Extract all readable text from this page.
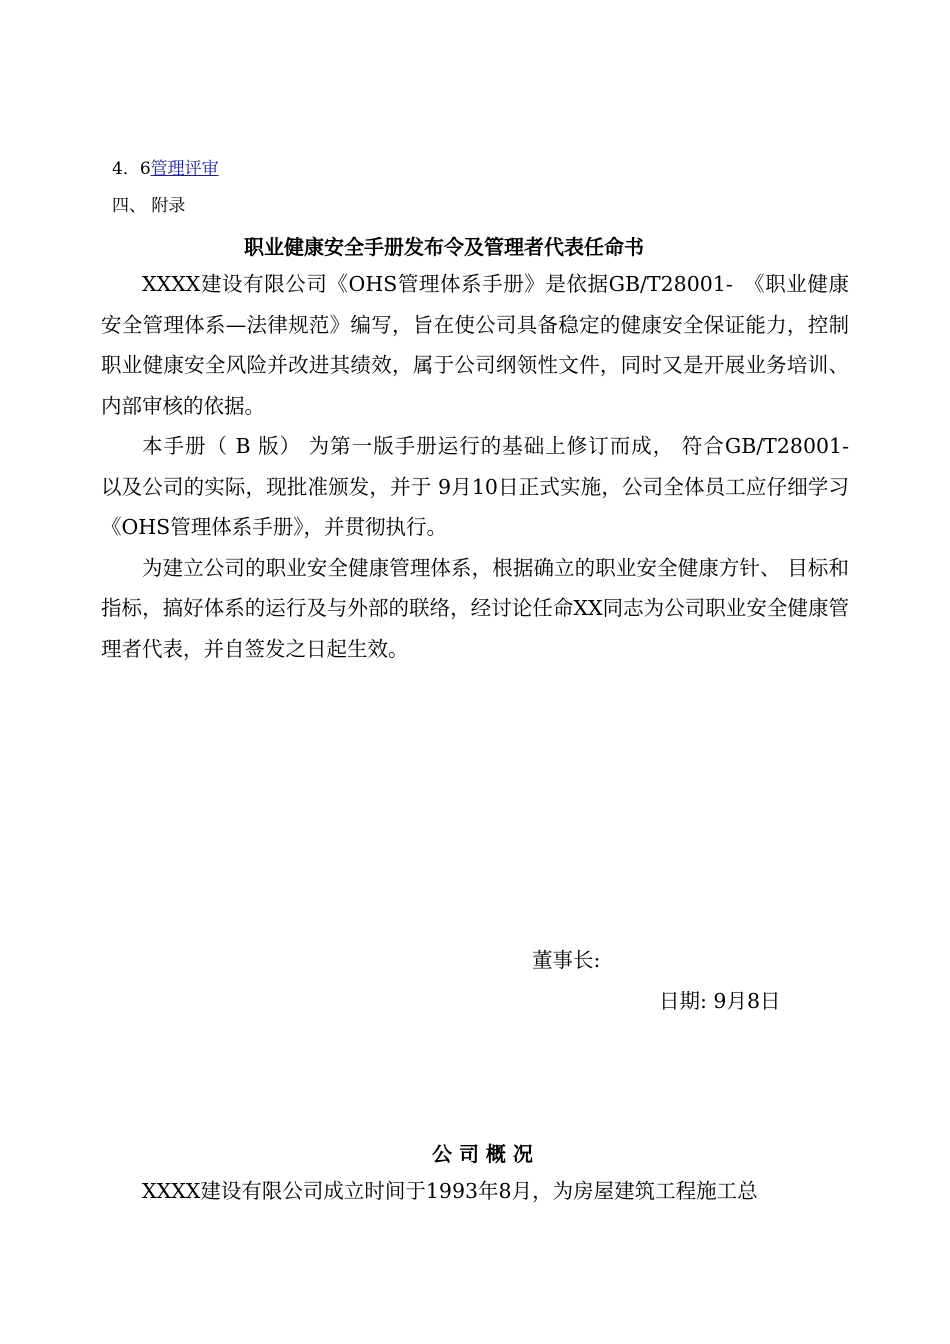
4．6管理评审
四、 附录
职业健康安全手册发布令及管理者代表任命书

XXXX建设有限公司《OHS管理体系手册》是依据GB/T28001-　《职业健康安全管理体系—法律规范》编写，旨在使公司具备稳定的健康安全保证能力，控制职业健康安全风险并改进其绩效，属于公司纲领性文件，同时又是开展业务培训、 内部审核的依据。

本手册（ B 版） 为第一版手册运行的基础上修订而成， 符合GB/T28001-　以及公司的实际，现批准颁发，并于 9月10日正式实施，公司全体员工应仔细学习《OHS管理体系手册》，并贯彻执行。

为建立公司的职业安全健康管理体系，根据确立的职业安全健康方针、 目标和指标，搞好体系的运行及与外部的联络，经讨论任命XX同志为公司职业安全健康管理者代表，并自签发之日起生效。

董事长:
日期: 9月8日
公 司 概 况

XXXX建设有限公司成立时间于1993年8月，为房屋建筑工程施工总
